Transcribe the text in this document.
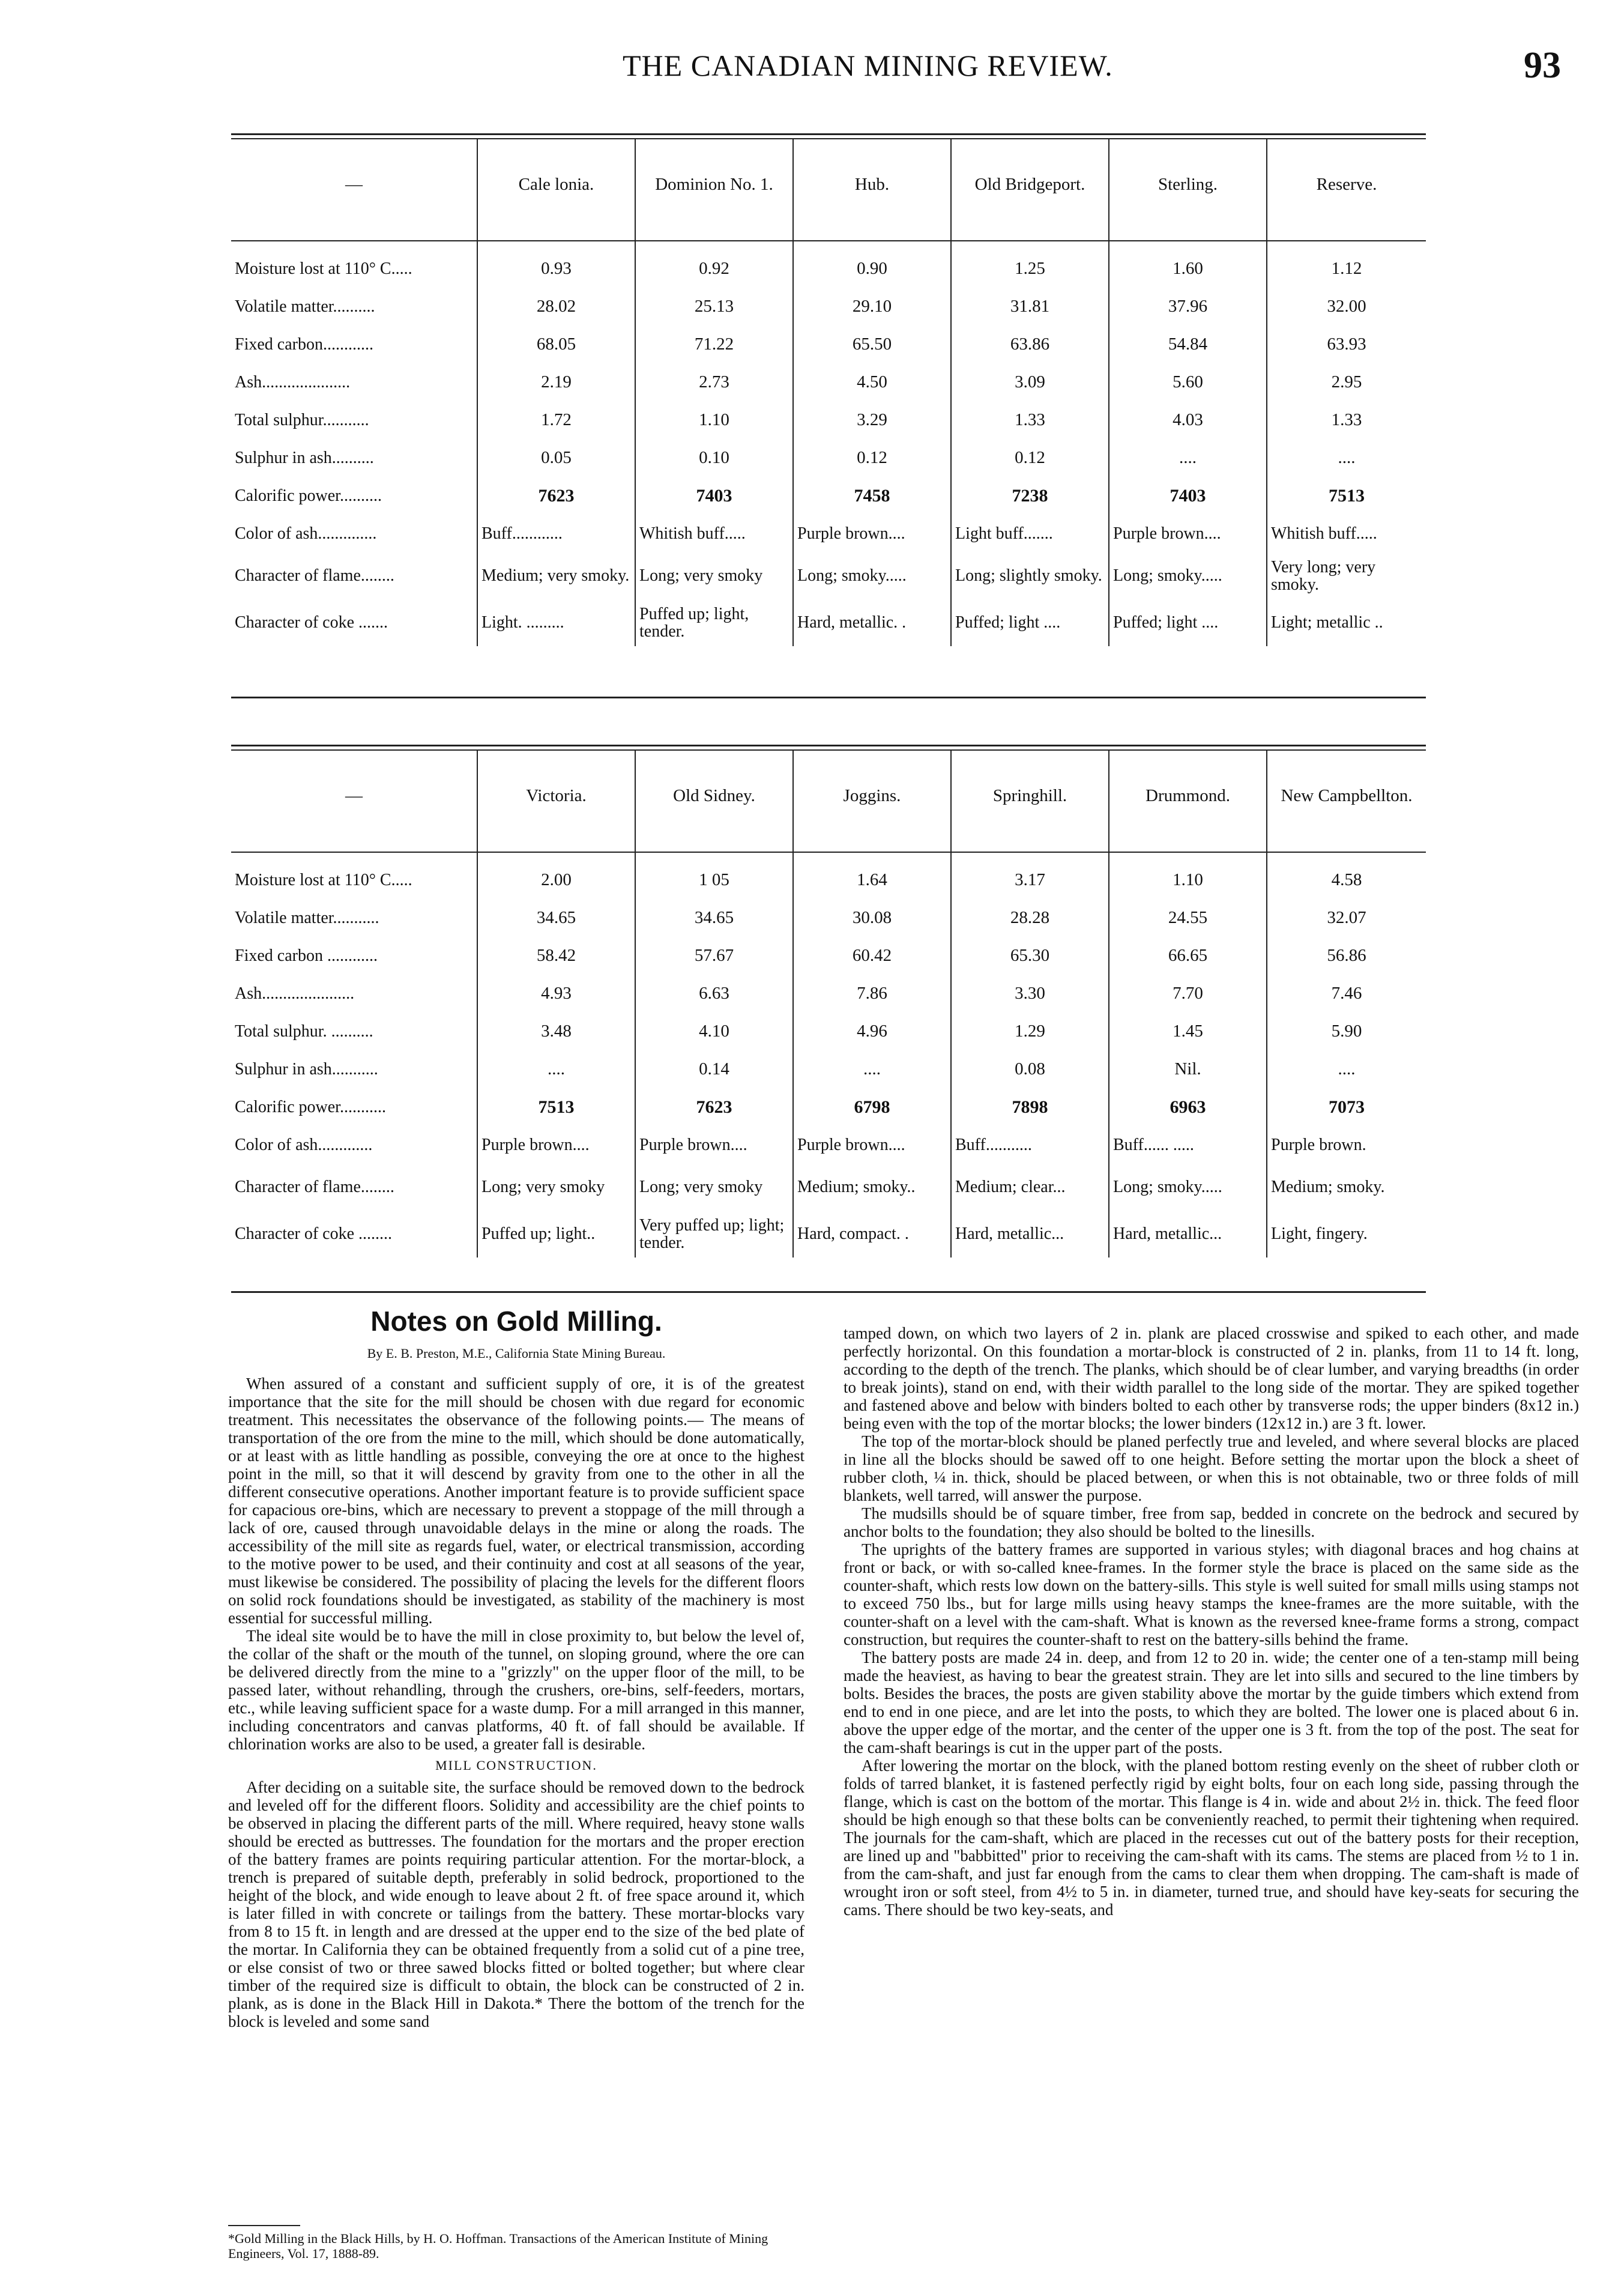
THE CANADIAN MINING REVIEW.	93
—	Cale lonia.	Dominion No. 1.	Hub.	Old Bridgeport.	Sterling.	Reserve.

Moisture lost at 110° C.....	0.93	0.92	0.90	1.25	1.60	1.12
Volatile matter..........	28.02	25.13	29.10	31.81	37.96	32.00
Fixed carbon............	68.05	71.22	65.50	63.86	54.84	63.93
Ash.....................	2.19	2.73	4.50	3.09	5.60	2.95
Total sulphur...........	1.72	1.10	3.29	1.33	4.03	1.33
Sulphur in ash..........	0.05	0.10	0.12	0.12	....	....
Calorific power..........	7623	7403	7458	7238	7403	7513
Color of ash..............	Buff............	Whitish buff.....	Purple brown....	Light buff.......	Purple brown....	Whitish buff.....
Character of flame........	Medium; very smoky.	Long; very smoky	Long; smoky.....	Long; slightly smoky.	Long; smoky.....	Very long; very smoky.
Character of coke .......	Light. .........	Puffed up; light, tender.	Hard, metallic. .	Puffed; light ....	Puffed; light ....	Light; metallic ..
—	Victoria.	Old Sidney.	Joggins.	Springhill.	Drummond.	New Campbellton.

Moisture lost at 110° C.....	2.00	1 05	1.64	3.17	1.10	4.58
Volatile matter...........	34.65	34.65	30.08	28.28	24.55	32.07
Fixed carbon ............	58.42	57.67	60.42	65.30	66.65	56.86
Ash......................	4.93	6.63	7.86	3.30	7.70	7.46
Total sulphur. ..........	3.48	4.10	4.96	1.29	1.45	5.90
Sulphur in ash...........	....	0.14	....	0.08	Nil.	....
Calorific power...........	7513	7623	6798	7898	6963	7073
Color of ash.............	Purple brown....	Purple brown....	Purple brown....	Buff...........	Buff...... .....	Purple brown.
Character of flame........	Long; very smoky	Long; very smoky	Medium; smoky..	Medium; clear...	Long; smoky.....	Medium; smoky.
Character of coke ........	Puffed up; light..	Very puffed up; light; tender.	Hard, compact. .	Hard, metallic...	Hard, metallic...	Light, fingery.
Notes on Gold Milling.
By E. B. Preston, M.E., California State Mining Bureau.

When assured of a constant and sufficient supply of ore, it is of the greatest importance that the site for the mill should be chosen with due regard for economic treatment. This necessitates the observance of the following points.— The means of transportation of the ore from the mine to the mill, which should be done automatically, or at least with as little handling as possible, conveying the ore at once to the highest point in the mill, so that it will descend by gravity from one to the other in all the different consecutive operations. Another important feature is to provide sufficient space for capacious ore-bins, which are necessary to prevent a stoppage of the mill through a lack of ore, caused through unavoidable delays in the mine or along the roads. The accessibility of the mill site as regards fuel, water, or electrical transmission, according to the motive power to be used, and their continuity and cost at all seasons of the year, must likewise be considered. The possibility of placing the levels for the different floors on solid rock foundations should be investigated, as stability of the machinery is most essential for successful milling.

The ideal site would be to have the mill in close proximity to, but below the level of, the collar of the shaft or the mouth of the tunnel, on sloping ground, where the ore can be delivered directly from the mine to a "grizzly" on the upper floor of the mill, to be passed later, without rehandling, through the crushers, ore-bins, self-feeders, mortars, etc., while leaving sufficient space for a waste dump. For a mill arranged in this manner, including concentrators and canvas platforms, 40 ft. of fall should be available. If chlorination works are also to be used, a greater fall is desirable.

MILL CONSTRUCTION.

After deciding on a suitable site, the surface should be removed down to the bedrock and leveled off for the different floors. Solidity and accessibility are the chief points to be observed in placing the different parts of the mill. Where required, heavy stone walls should be erected as buttresses. The foundation for the mortars and the proper erection of the battery frames are points requiring particular attention. For the mortar-block, a trench is prepared of suitable depth, preferably in solid bedrock, proportioned to the height of the block, and wide enough to leave about 2 ft. of free space around it, which is later filled in with concrete or tailings from the battery. These mortar-blocks vary from 8 to 15 ft. in length and are dressed at the upper end to the size of the bed plate of the mortar. In California they can be obtained frequently from a solid cut of a pine tree, or else consist of two or three sawed blocks fitted or bolted together; but where clear timber of the required size is difficult to obtain, the block can be constructed of 2 in. plank, as is done in the Black Hill in Dakota.* There the bottom of the trench for the block is leveled and some sand

*Gold Milling in the Black Hills, by H. O. Hoffman. Transactions of the American Institute of Mining Engineers, Vol. 17, 1888-89.

tamped down, on which two layers of 2 in. plank are placed crosswise and spiked to each other, and made perfectly horizontal. On this foundation a mortar-block is constructed of 2 in. planks, from 11 to 14 ft. long, according to the depth of the trench. The planks, which should be of clear lumber, and varying breadths (in order to break joints), stand on end, with their width parallel to the long side of the mortar. They are spiked together and fastened above and below with binders bolted to each other by transverse rods; the upper binders (8x12 in.) being even with the top of the mortar blocks; the lower binders (12x12 in.) are 3 ft. lower.

The top of the mortar-block should be planed perfectly true and leveled, and where several blocks are placed in line all the blocks should be sawed off to one height. Before setting the mortar upon the block a sheet of rubber cloth, ¼ in. thick, should be placed between, or when this is not obtainable, two or three folds of mill blankets, well tarred, will answer the purpose.

The mudsills should be of square timber, free from sap, bedded in concrete on the bedrock and secured by anchor bolts to the foundation; they also should be bolted to the linesills.

The uprights of the battery frames are supported in various styles; with diagonal braces and hog chains at front or back, or with so-called knee-frames. In the former style the brace is placed on the same side as the counter-shaft, which rests low down on the battery-sills. This style is well suited for small mills using stamps not to exceed 750 lbs., but for large mills using heavy stamps the knee-frames are the more suitable, with the counter-shaft on a level with the cam-shaft. What is known as the reversed knee-frame forms a strong, compact construction, but requires the counter-shaft to rest on the battery-sills behind the frame.

The battery posts are made 24 in. deep, and from 12 to 20 in. wide; the center one of a ten-stamp mill being made the heaviest, as having to bear the greatest strain. They are let into sills and secured to the line timbers by bolts. Besides the braces, the posts are given stability above the mortar by the guide timbers which extend from end to end in one piece, and are let into the posts, to which they are bolted. The lower one is placed about 6 in. above the upper edge of the mortar, and the center of the upper one is 3 ft. from the top of the post. The seat for the cam-shaft bearings is cut in the upper part of the posts.

After lowering the mortar on the block, with the planed bottom resting evenly on the sheet of rubber cloth or folds of tarred blanket, it is fastened perfectly rigid by eight bolts, four on each long side, passing through the flange, which is cast on the bottom of the mortar. This flange is 4 in. wide and about 2½ in. thick. The feed floor should be high enough so that these bolts can be conveniently reached, to permit their tightening when required. The journals for the cam-shaft, which are placed in the recesses cut out of the battery posts for their reception, are lined up and "babbitted" prior to receiving the cam-shaft with its cams. The stems are placed from ½ to 1 in. from the cam-shaft, and just far enough from the cams to clear them when dropping. The cam-shaft is made of wrought iron or soft steel, from 4½ to 5 in. in diameter, turned true, and should have key-seats for securing the cams. There should be two key-seats, and
